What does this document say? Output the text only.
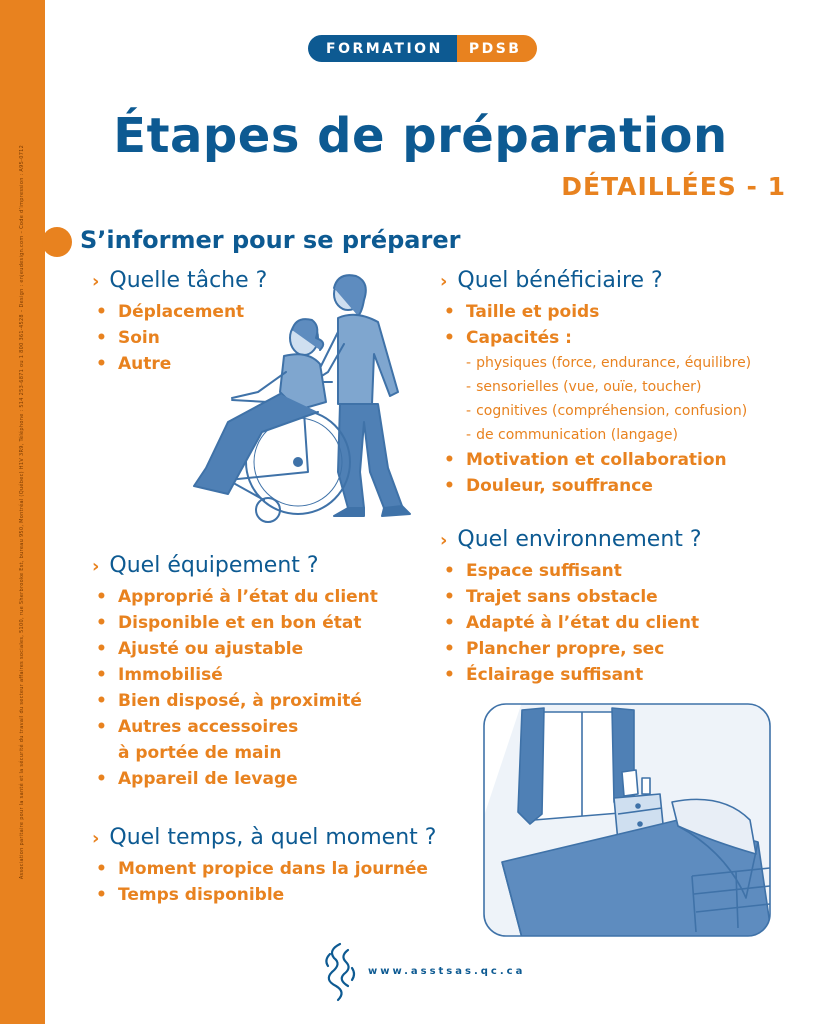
Association paritaire pour la santé et la sécurité du travail du secteur affaires sociales, 5100, rue Sherbrooke Est, bureau 950, Montréal (Québec) H1V 3R9, Téléphone : 514 253-6871 ou 1 800 361-4528 – Design : enjeudesign.com – Code d’impression : A95-0712
FORMATION	PDSB
Étapes de préparation
DÉTAILLÉES - 1
S’informer pour se préparer
› Quelle tâche ?
• Déplacement
• Soin
• Autre
› Quel bénéficiaire ?
• Taille et poids
• Capacités :
- physiques (force, endurance, équilibre)
- sensorielles (vue, ouïe, toucher)
- cognitives (compréhension, confusion)
- de communication (langage)
• Motivation et collaboration
• Douleur, souffrance
› Quel équipement ?
• Approprié à l’état du client
• Disponible et en bon état
• Ajusté ou ajustable
• Immobilisé
• Bien disposé, à proximité
• Autres accessoires
à portée de main
• Appareil de levage
› Quel environnement ?
• Espace suffisant
• Trajet sans obstacle
• Adapté à l’état du client
• Plancher propre, sec
• Éclairage suffisant
› Quel temps, à quel moment ?
• Moment propice dans la journée
• Temps disponible
www.asstsas.qc.ca
